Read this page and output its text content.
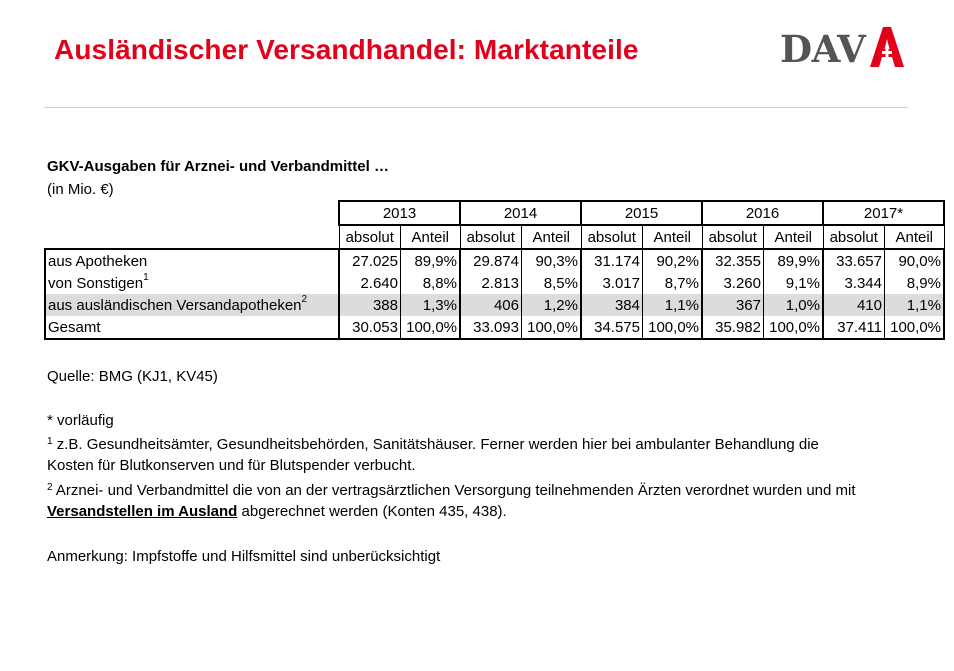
Ausländischer Versandhandel: Marktanteile	DAV
GKV-Ausgaben für Arznei- und Verbandmittel …
(in Mio. €)
	2013		2014		2015		2016		2017*	
	absolut	Anteil	absolut	Anteil	absolut	Anteil	absolut	Anteil	absolut	Anteil
aus Apotheken	27.025	89,9%	29.874	90,3%	31.174	90,2%	32.355	89,9%	33.657	90,0%
von Sonstigen$^1$	2.640	8,8%	2.813	8,5%	3.017	8,7%	3.260	9,1%	3.344	8,9%
aus ausländischen Versandapotheken$^2$	388	1,3%	406	1,2%	384	1,1%	367	1,0%	410	1,1%
Gesamt	30.053	100,0%	33.093	100,0%	34.575	100,0%	35.982	100,0%	37.411	100,0%
Quelle: BMG (KJ1, KV45)
* vorläufig
$^1$ z.B. Gesundheitsämter, Gesundheitsbehörden, Sanitätshäuser. Ferner werden hier bei ambulanter Behandlung die
Kosten für Blutkonserven und für Blutspender verbucht.
$^2$ Arznei- und Verbandmittel die von an der vertragsärztlichen Versorgung teilnehmenden Ärzten verordnet wurden und mit
Versandstellen im Ausland abgerechnet werden (Konten 435, 438).
Anmerkung: Impfstoffe und Hilfsmittel sind unberücksichtigt
